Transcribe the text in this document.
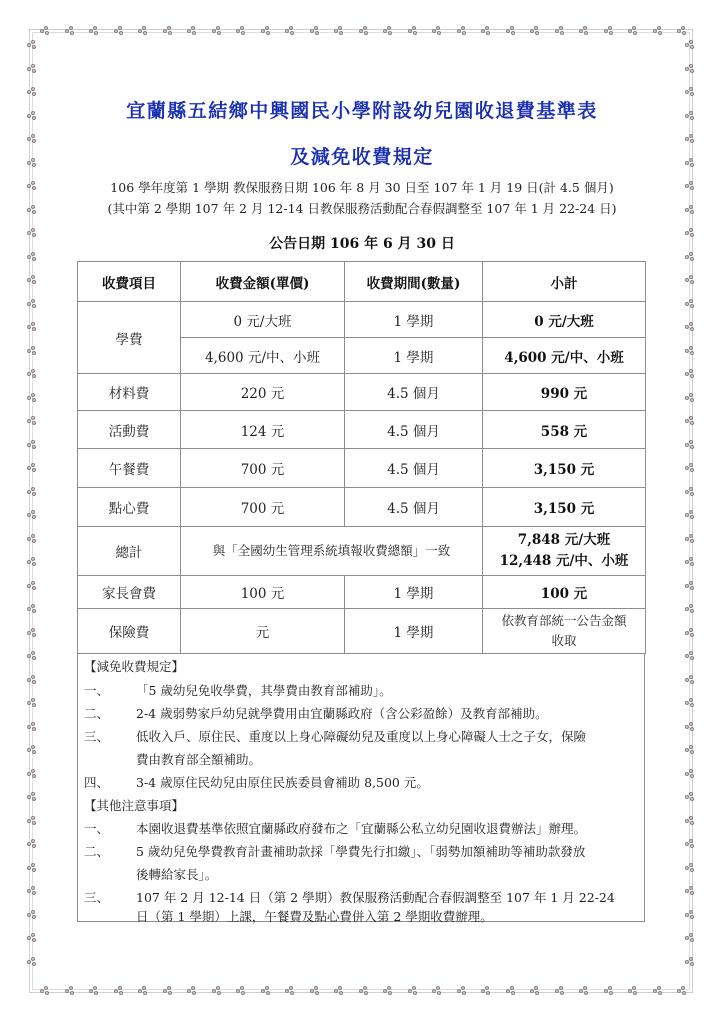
宜蘭縣五結鄉中興國民小學附設幼兒園收退費基準表
及減免收費規定
106 學年度第 1 學期 教保服務日期 106 年 8 月 30 日至 107 年 1 月 19 日(計 4.5 個月)
(其中第 2 學期 107 年 2 月 12-14 日教保服務活動配合春假調整至 107 年 1 月 22-24 日)
公告日期 106 年 6 月 30 日
收費項目	收費金額(單價)	收費期間(數量)	小計
學費	0 元/大班	1 學期	0 元/大班
	4,600 元/中、小班	1 學期	4,600 元/中、小班
材料費	220 元	4.5 個月	990 元
活動費	124 元	4.5 個月	558 元
午餐費	700 元	4.5 個月	3,150 元
點心費	700 元	4.5 個月	3,150 元
總計	與「全國幼生管理系統填報收費總額」一致		7,848 元/大班
12,448 元/中、小班

家長會費	100 元	1 學期	100 元
保險費	元	1 學期	依教育部統一公告金額
收取
【減免收費規定】
一、 「5 歲幼兒免收學費，其學費由教育部補助」。
二、 2-4 歲弱勢家戶幼兒就學費用由宜蘭縣政府（含公彩盈餘）及教育部補助。
三、 低收入戶、原住民、重度以上身心障礙幼兒及重度以上身心障礙人士之子女，保險
費由教育部全額補助。
四、 3-4 歲原住民幼兒由原住民族委員會補助 8,500 元。
【其他注意事項】
一、 本園收退費基準依照宜蘭縣政府發布之「宜蘭縣公私立幼兒園收退費辦法」辦理。
二、 5 歲幼兒免學費教育計畫補助款採「學費先行扣繳」、「弱勢加額補助等補助款發放
後轉給家長」。
三、 107 年 2 月 12-14 日（第 2 學期）教保服務活動配合春假調整至 107 年 1 月 22-24
日（第 1 學期）上課，午餐費及點心費併入第 2 學期收費辦理。
